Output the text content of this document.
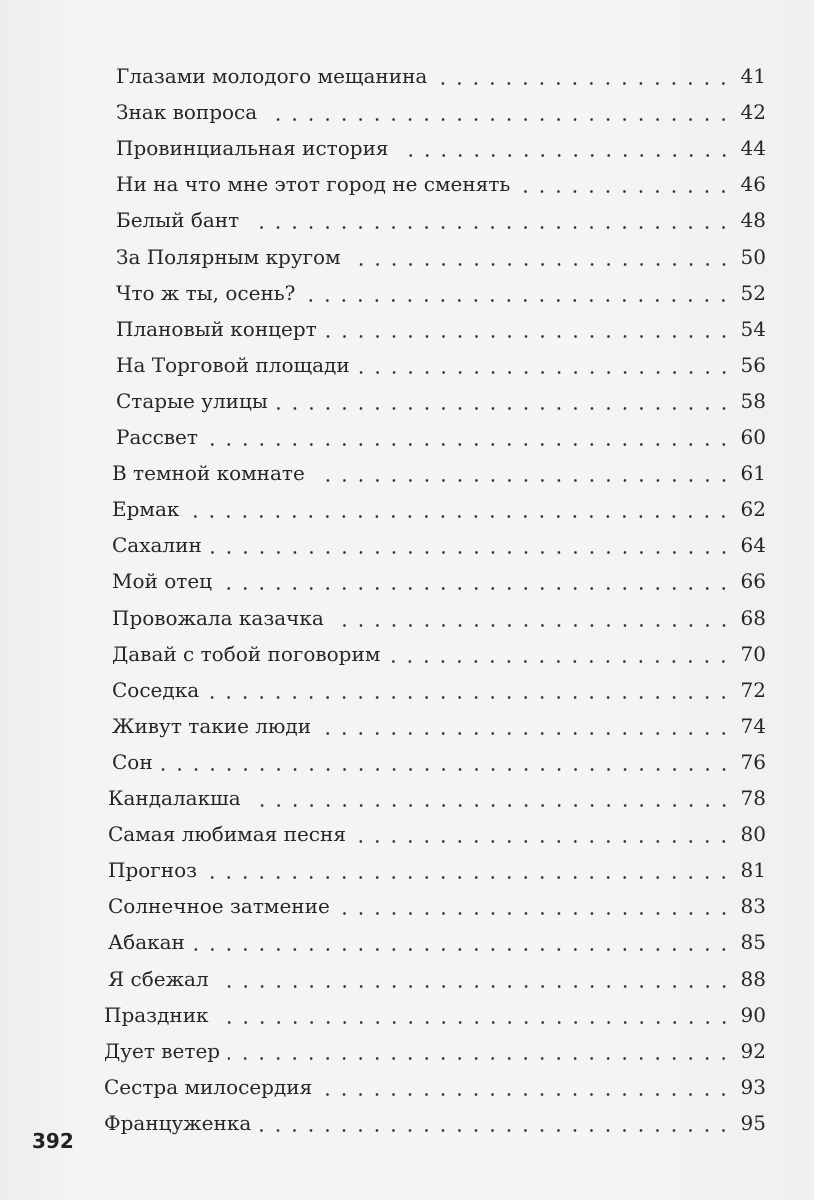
Глазами молодого мещанина	41
Знак вопроса	42
Провинциальная история	44
Ни на что мне этот город не сменять	46
Белый бант	48
За Полярным кругом	50
Что ж ты, осень?	52
Плановый концерт	54
На Торговой площади	56
Старые улицы	58
Рассвет	60
В темной комнате	61
Ермак	62
Сахалин	64
Мой отец	66
Провожала казачка	68
Давай с тобой поговорим	70
Соседка	72
Живут такие люди	74
Сон	76
Кандалакша	78
Самая любимая песня	80
Прогноз	81
Солнечное затмение	83
Абакан	85
Я сбежал	88
Праздник	90
Дует ветер	92
Сестра милосердия	93
Француженка	95
392
